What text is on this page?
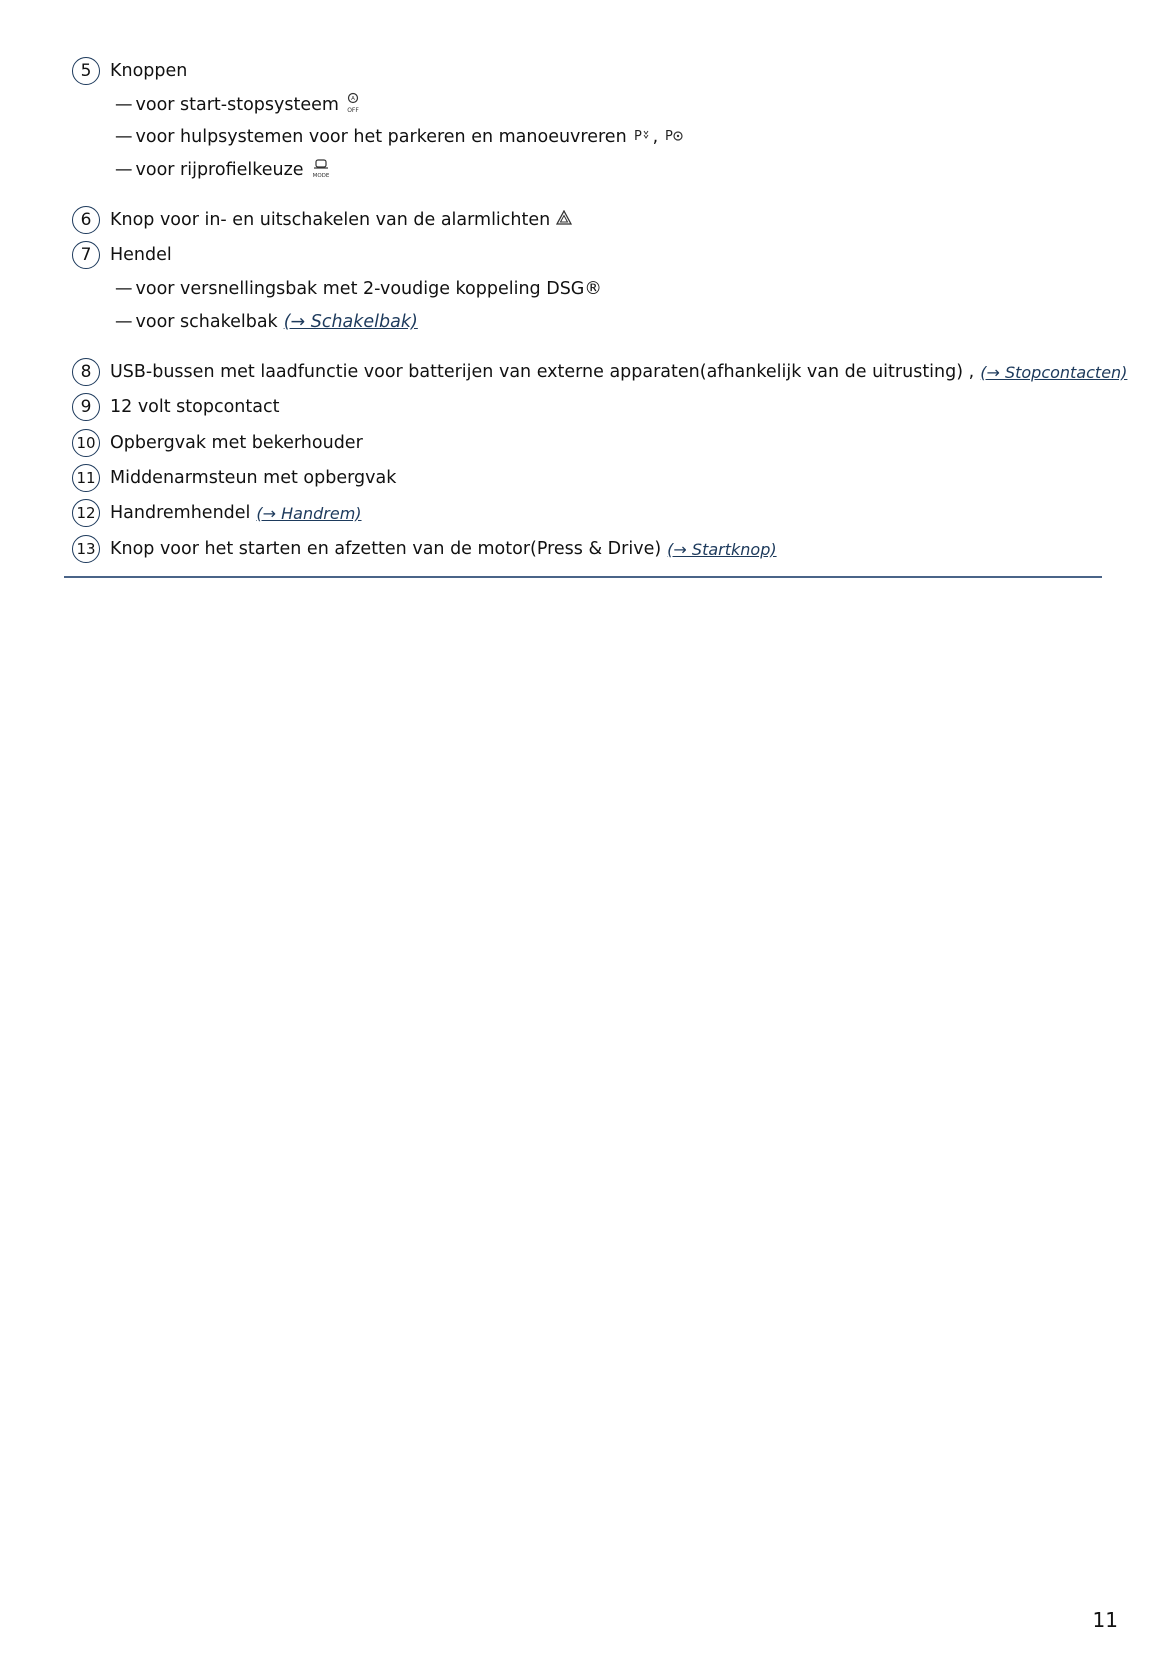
5	Knoppen
— voor start-stopsysteem A
OFF
— voor hulpsystemen voor het parkeren en manoeuvreren P , P
— voor rijprofielkeuze MODE
6	Knop voor in- en uitschakelen van de alarmlichten
7	Hendel
— voor versnellingsbak met 2-voudige koppeling DSG®
— voor schakelbak (→ Schakelbak)
8	USB-bussen met laadfunctie voor batterijen van externe apparaten(afhankelijk van de uitrusting) , (→ Stopcontacten)
9	12 volt stopcontact
10 Opbergvak met bekerhouder
11 Middenarmsteun met opbergvak
12 Handremhendel (→ Handrem)
13 Knop voor het starten en afzetten van de motor(Press & Drive) (→ Startknop)
11
